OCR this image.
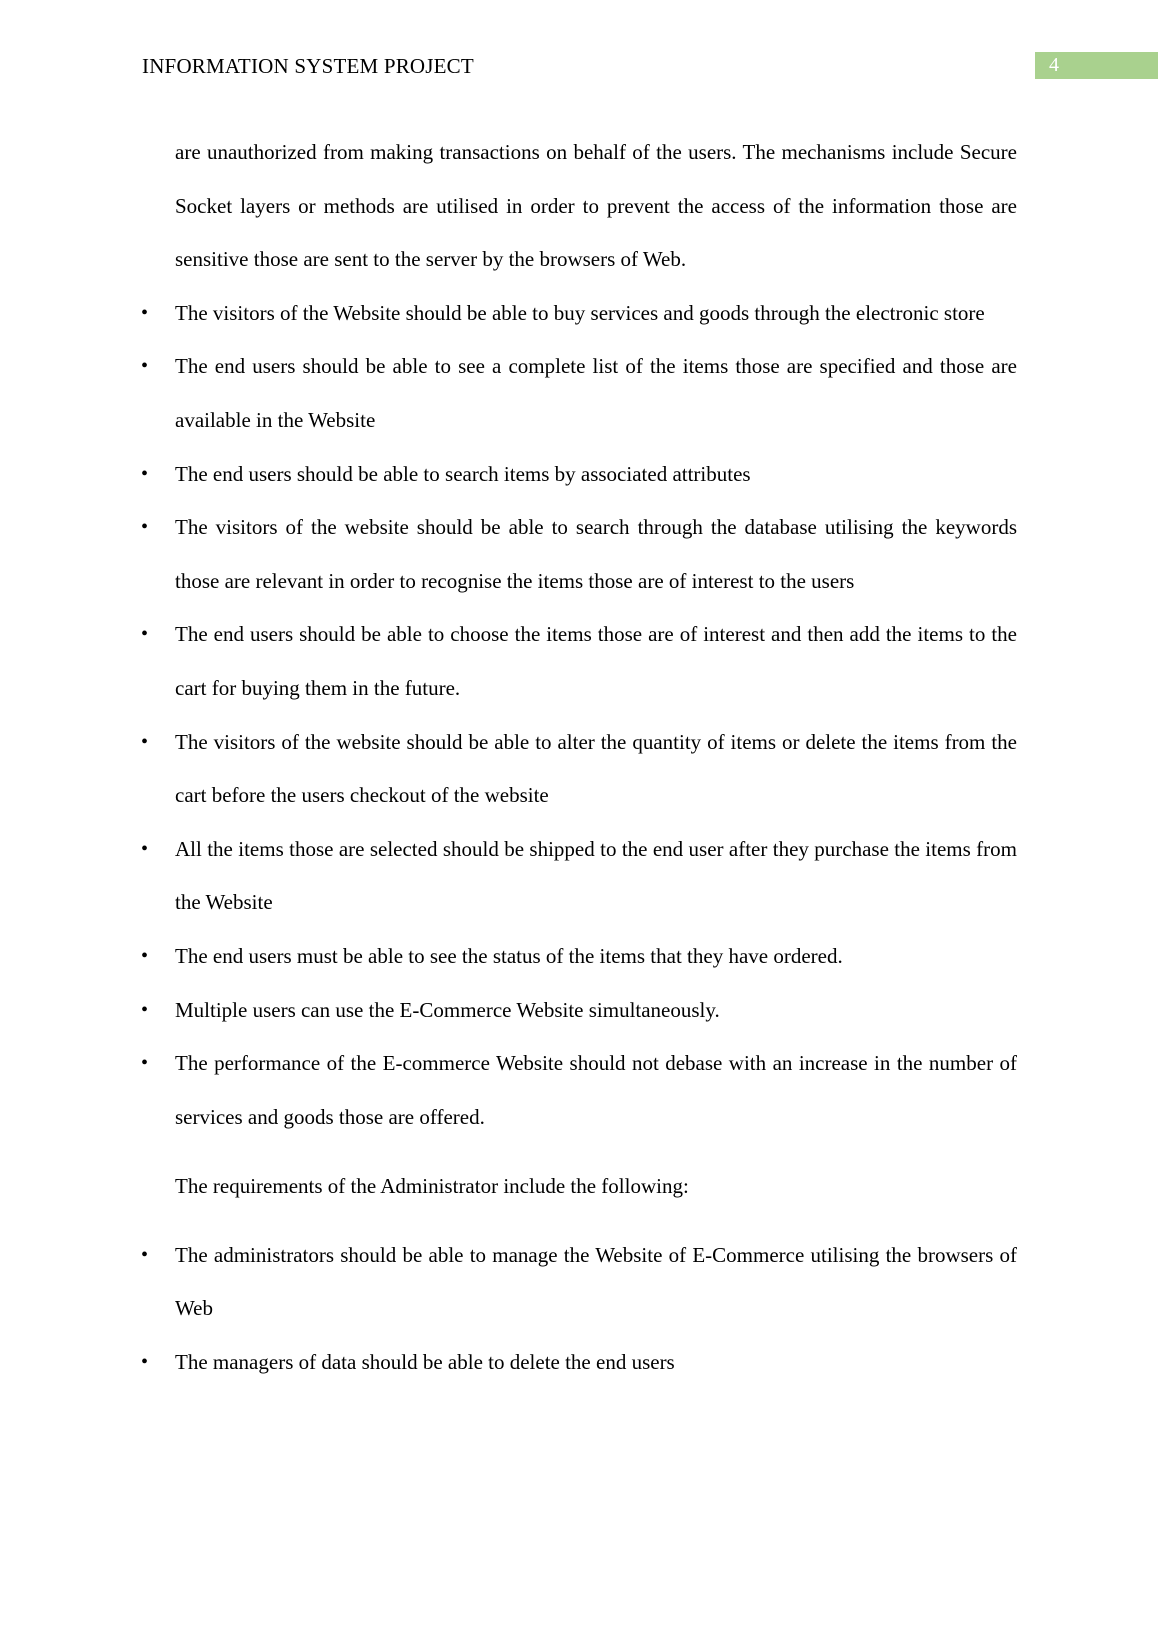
INFORMATION SYSTEM PROJECT	4

are unauthorized from making transactions on behalf of the users. The mechanisms include Secure Socket layers or methods are utilised in order to prevent the access of the information those are sensitive those are sent to the server by the browsers of Web.

• The visitors of the Website should be able to buy services and goods through the electronic store
• The end users should be able to see a complete list of the items those are specified and those are available in the Website
• The end users should be able to search items by associated attributes
• The visitors of the website should be able to search through the database utilising the keywords those are relevant in order to recognise the items those are of interest to the users
• The end users should be able to choose the items those are of interest and then add the items to the cart for buying them in the future.
• The visitors of the website should be able to alter the quantity of items or delete the items from the cart before the users checkout of the website
• All the items those are selected should be shipped to the end user after they purchase the items from the Website
• The end users must be able to see the status of the items that they have ordered.
• Multiple users can use the E-Commerce Website simultaneously.
• The performance of the E-commerce Website should not debase with an increase in the number of services and goods those are offered.

The requirements of the Administrator include the following:

• The administrators should be able to manage the Website of E-Commerce utilising the browsers of Web
• The managers of data should be able to delete the end users
